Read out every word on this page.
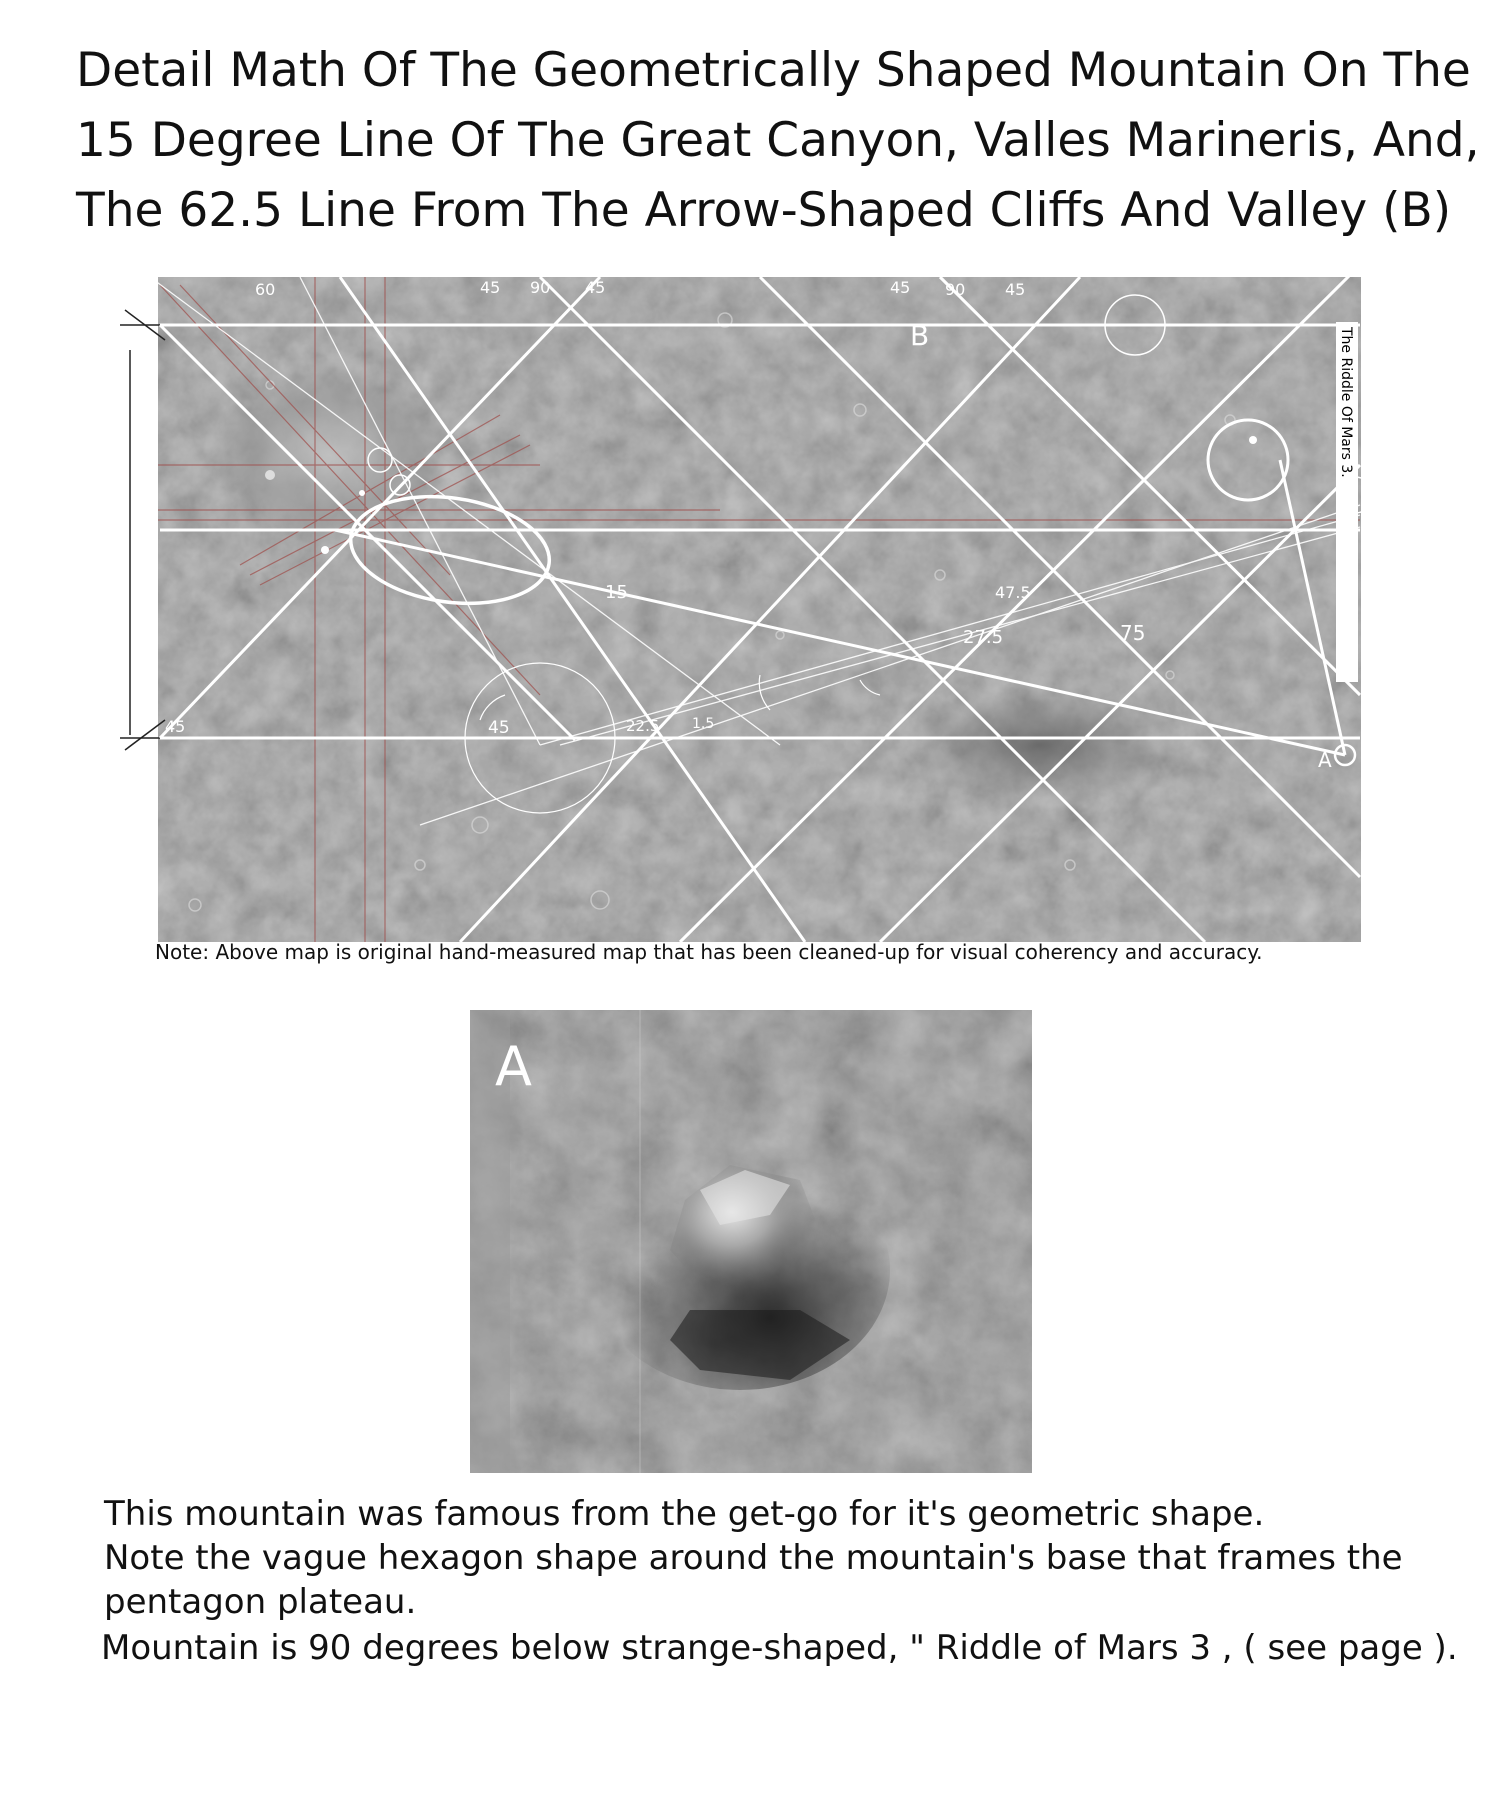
Detail Math Of The Geometrically Shaped Mountain On The
15 Degree Line Of The Great Canyon, Valles Marineris, And,
The 62.5 Line From The Arrow-Shaped Cliffs And Valley (B)
60	45 90 45	45 90 45
B
A
15	47.5
27.5	75
22.5 1.5
45
45
The Riddle Of Mars 3.
Note: Above map is original hand-measured map that has been cleaned-up for visual coherency and accuracy.
A
This mountain was famous from the get-go for it's geometric shape.
Note the vague hexagon shape around the mountain's base that frames the
pentagon plateau.
Mountain is 90 degrees below strange-shaped, " Riddle of Mars 3 , ( see page ).
